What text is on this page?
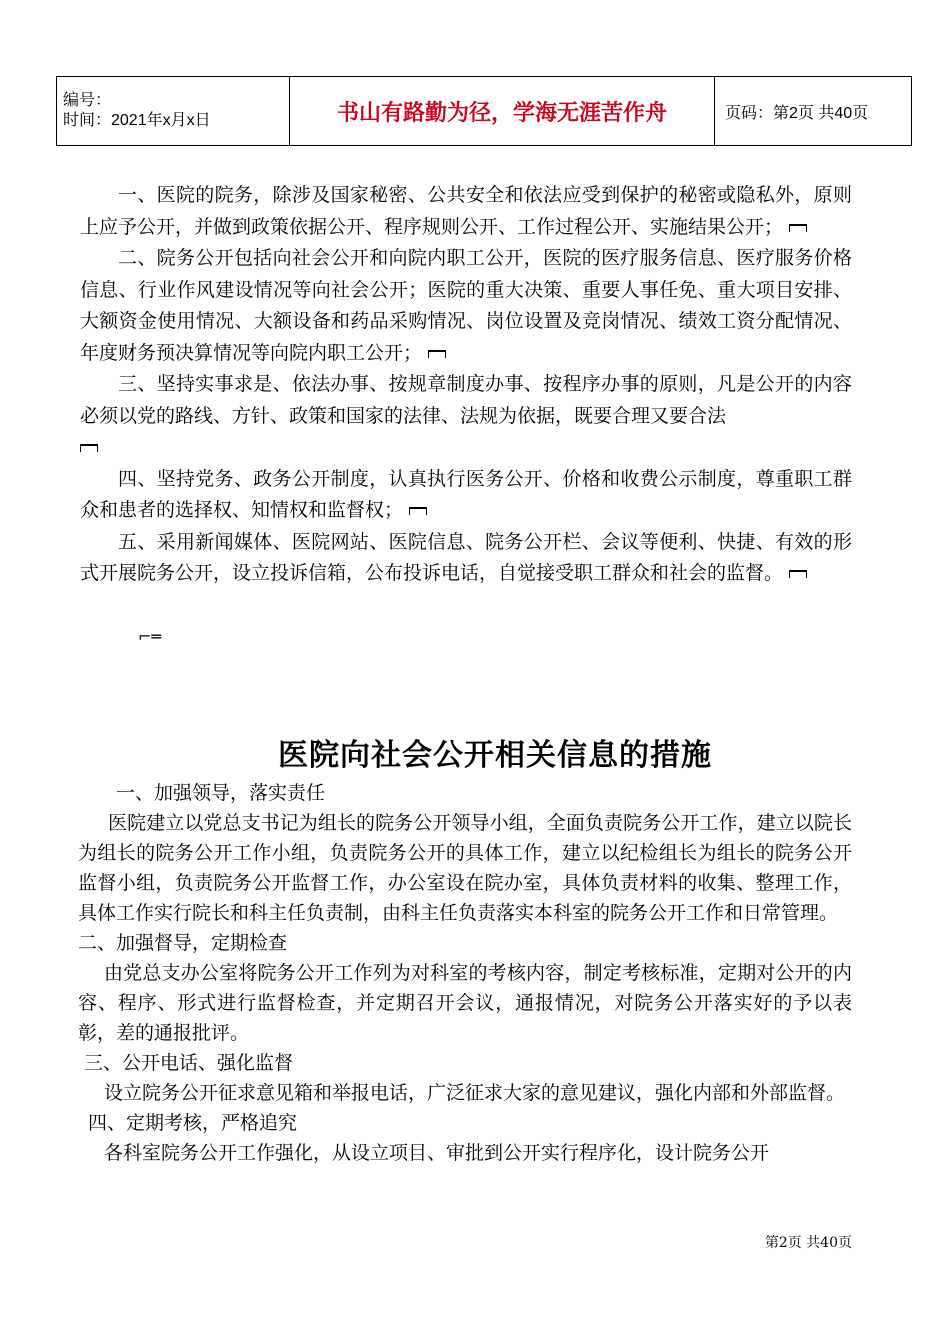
编号：
时间：2021年x月x日	书山有路勤为径，学海无涯苦作舟	页码：第2页 共40页

一、医院的院务，除涉及国家秘密、公共安全和依法应受到保护的秘密或隐私外，原则上应予公开，并做到政策依据公开、程序规则公开、工作过程公开、实施结果公开；

二、院务公开包括向社会公开和向院内职工公开，医院的医疗服务信息、医疗服务价格信息、行业作风建设情况等向社会公开；医院的重大决策、重要人事任免、重大项目安排、大额资金使用情况、大额设备和药品采购情况、岗位设置及竞岗情况、绩效工资分配情况、年度财务预决算情况等向院内职工公开；

三、坚持实事求是、依法办事、按规章制度办事、按程序办事的原则，凡是公开的内容必须以党的路线、方针、政策和国家的法律、法规为依据，既要合理又要合法

四、坚持党务、政务公开制度，认真执行医务公开、价格和收费公示制度，尊重职工群众和患者的选择权、知情权和监督权；

五、采用新闻媒体、医院网站、医院信息、院务公开栏、会议等便利、快捷、有效的形式开展院务公开，设立投诉信箱，公布投诉电话，自觉接受职工群众和社会的监督。

⌐═
医院向社会公开相关信息的措施

一、加强领导，落实责任

医院建立以党总支书记为组长的院务公开领导小组，全面负责院务公开工作，建立以院长为组长的院务公开工作小组，负责院务公开的具体工作，建立以纪检组长为组长的院务公开监督小组，负责院务公开监督工作，办公室设在院办室，具体负责材料的收集、整理工作，具体工作实行院长和科主任负责制，由科主任负责落实本科室的院务公开工作和日常管理。

二、加强督导，定期检查

由党总支办公室将院务公开工作列为对科室的考核内容，制定考核标准，定期对公开的内容、程序、形式进行监督检查，并定期召开会议，通报情况，对院务公开落实好的予以表彰，差的通报批评。

三、公开电话、强化监督

设立院务公开征求意见箱和举报电话，广泛征求大家的意见建议，强化内部和外部监督。

四、定期考核，严格追究

各科室院务公开工作强化，从设立项目、审批到公开实行程序化，设计院务公开

第2页 共40页
